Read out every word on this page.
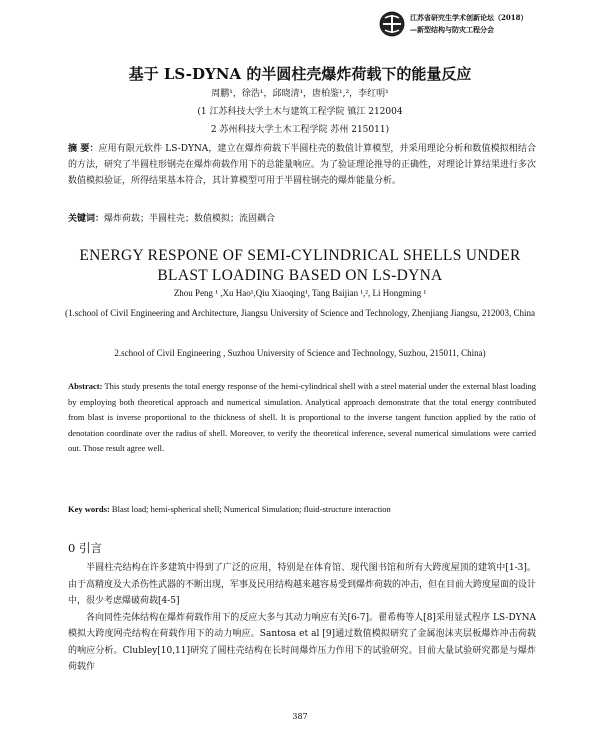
江苏省研究生学术创新论坛（2018）
—新型结构与防灾工程分会
基于 LS-DYNA 的半圆柱壳爆炸荷载下的能量反应
周鹏¹，徐浩¹，邱晓清¹，唐柏鉴¹,²，李红明¹
(1 江苏科技大学土木与建筑工程学院 镇江 212004
2 苏州科技大学土木工程学院 苏州 215011)
摘 要：应用有限元软件 LS-DYNA，建立在爆炸荷载下半圆柱壳的数值计算模型，并采用理论分析和数值模拟相结合的方法，研究了半圆柱形钢壳在爆炸荷载作用下的总能量响应。为了验证理论推导的正确性，对理论计算结果进行多次数值模拟验证，所得结果基本符合，其计算模型可用于半圆柱钢壳的爆炸能量分析。
关键词：爆炸荷载；半圆柱壳；数值模拟；流固耦合
ENERGY RESPONE OF SEMI-CYLINDRICAL SHELLS UNDER
BLAST LOADING BASED ON LS-DYNA
Zhou Peng ¹ ,Xu Hao¹,Qiu Xiaoqing¹, Tang Baijian ¹,², Li Hongming ¹
(1.school of Civil Engineering and Architecture, Jiangsu University of Science and Technology, Zhenjiang Jiangsu, 212003, China
2.school of Civil Engineering , Suzhou University of Science and Technology, Suzhou, 215011, China)
Abstract: This study presents the total energy response of the hemi-cylindrical shell with a steel material under the external blast loading by employing both theoretical approach and numerical simulation. Analytical approach demonstrate that the total energy contributed from blast is inverse proportional to the thickness of shell. It is proportional to the inverse tangent function applied by the ratio of denotation coordinate over the radius of shell. Moreover, to verify the theoretical inference, several numerical simulations were carried out. Those result agree well.
Key words: Blast load; hemi-spherical shell; Numerical Simulation; fluid-structure interaction
0 引言

半圆柱壳结构在许多建筑中得到了广泛的应用，特别是在体育馆、现代图书馆和所有大跨度屋顶的建筑中[1-3]。由于高精度及大杀伤性武器的不断出现，军事及民用结构越来越容易受到爆炸荷载的冲击，但在目前大跨度屋面的设计中，很少考虑爆破荷载[4-5]

各向同性壳体结构在爆炸荷载作用下的反应大多与其动力响应有关[6-7]。翟希梅等人[8]采用显式程序 LS-DYNA 模拟大跨度网壳结构在荷载作用下的动力响应。Santosa et al [9]通过数值模拟研究了金属泡沫夹层板爆炸冲击荷载的响应分析。Clubley[10,11]研究了圆柱壳结构在长时间爆炸压力作用下的试验研究。目前大量试验研究都是与爆炸荷载作

387
